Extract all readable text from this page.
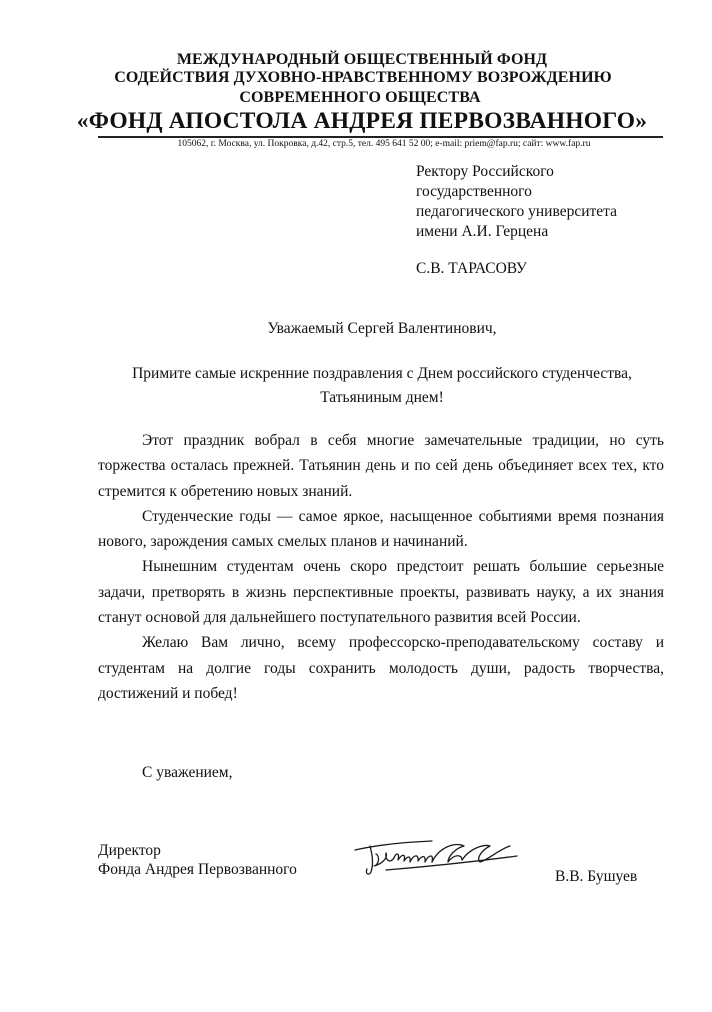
МЕЖДУНАРОДНЫЙ ОБЩЕСТВЕННЫЙ ФОНД
СОДЕЙСТВИЯ ДУХОВНО-НРАВСТВЕННОМУ ВОЗРОЖДЕНИЮ
СОВРЕМЕННОГО ОБЩЕСТВА
«ФОНД АПОСТОЛА АНДРЕЯ ПЕРВОЗВАННОГО»
105062, г. Москва, ул. Покровка, д.42, стр.5, тел. 495 641 52 00; e-mail: priem@fap.ru; сайт: www.fap.ru
Ректору Российского
государственного
педагогического университета
имени А.И. Герцена
С.В. ТАРАСОВУ
Уважаемый Сергей Валентинович,
Примите самые искренние поздравления с Днем российского студенчества,
Татьяниным днем!

Этот праздник вобрал в себя многие замечательные традиции, но суть торжества осталась прежней. Татьянин день и по сей день объединяет всех тех, кто стремится к обретению новых знаний.

Студенческие годы — самое яркое, насыщенное событиями время познания нового, зарождения самых смелых планов и начинаний.

Нынешним студентам очень скоро предстоит решать большие серьезные задачи, претворять в жизнь перспективные проекты, развивать науку, а их знания станут основой для дальнейшего поступательного развития всей России.

Желаю Вам лично, всему профессорско-преподавательскому составу и студентам на долгие годы сохранить молодость души, радость творчества, достижений и побед!

С уважением,
Директор
Фонда Андрея Первозванного	В.В. Бушуев
